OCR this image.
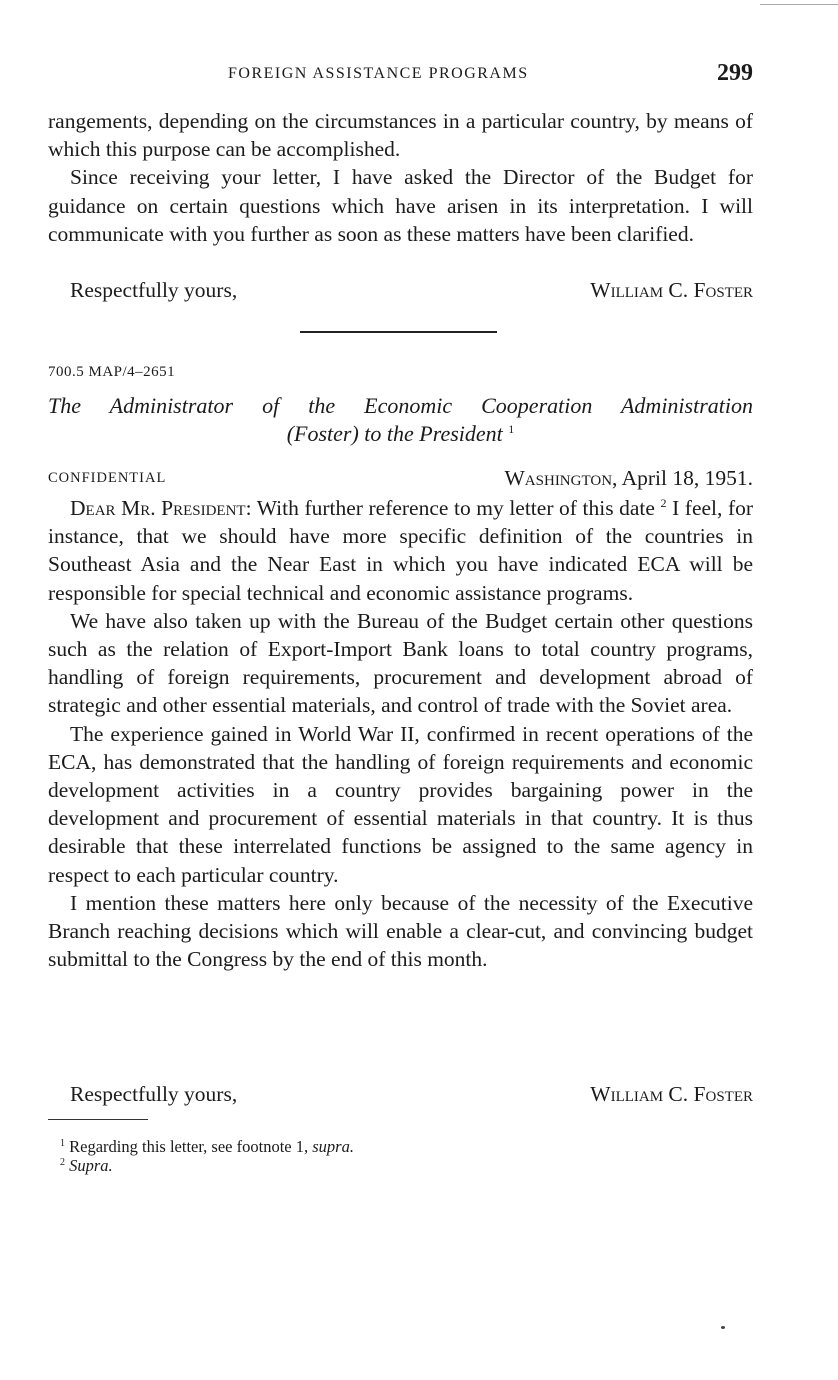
FOREIGN ASSISTANCE PROGRAMS	299

rangements, depending on the circumstances in a particular country, by means of which this purpose can be accomplished.

Since receiving your letter, I have asked the Director of the Budget for guidance on certain questions which have arisen in its interpretation. I will communicate with you further as soon as these matters have been clarified.

Respectfully yours,	William C. Foster
700.5 MAP/4–2651
The Administrator of the Economic Cooperation Administration
(Foster) to the President $^1$
CONFIDENTIAL	Washington, April 18, 1951.

Dear Mr. President: With further reference to my letter of this date $^2$ I feel, for instance, that we should have more specific definition of the countries in Southeast Asia and the Near East in which you have indicated ECA will be responsible for special technical and economic assistance programs.

We have also taken up with the Bureau of the Budget certain other questions such as the relation of Export-Import Bank loans to total country programs, handling of foreign requirements, procurement and development abroad of strategic and other essential materials, and control of trade with the Soviet area.

The experience gained in World War II, confirmed in recent operations of the ECA, has demonstrated that the handling of foreign requirements and economic development activities in a country provides bargaining power in the development and procurement of essential materials in that country. It is thus desirable that these interrelated functions be assigned to the same agency in respect to each particular country.

I mention these matters here only because of the necessity of the Executive Branch reaching decisions which will enable a clear-cut, and convincing budget submittal to the Congress by the end of this month.

Respectfully yours,	William C. Foster
$^1$ Regarding this letter, see footnote 1, supra.
$^2$ Supra.
